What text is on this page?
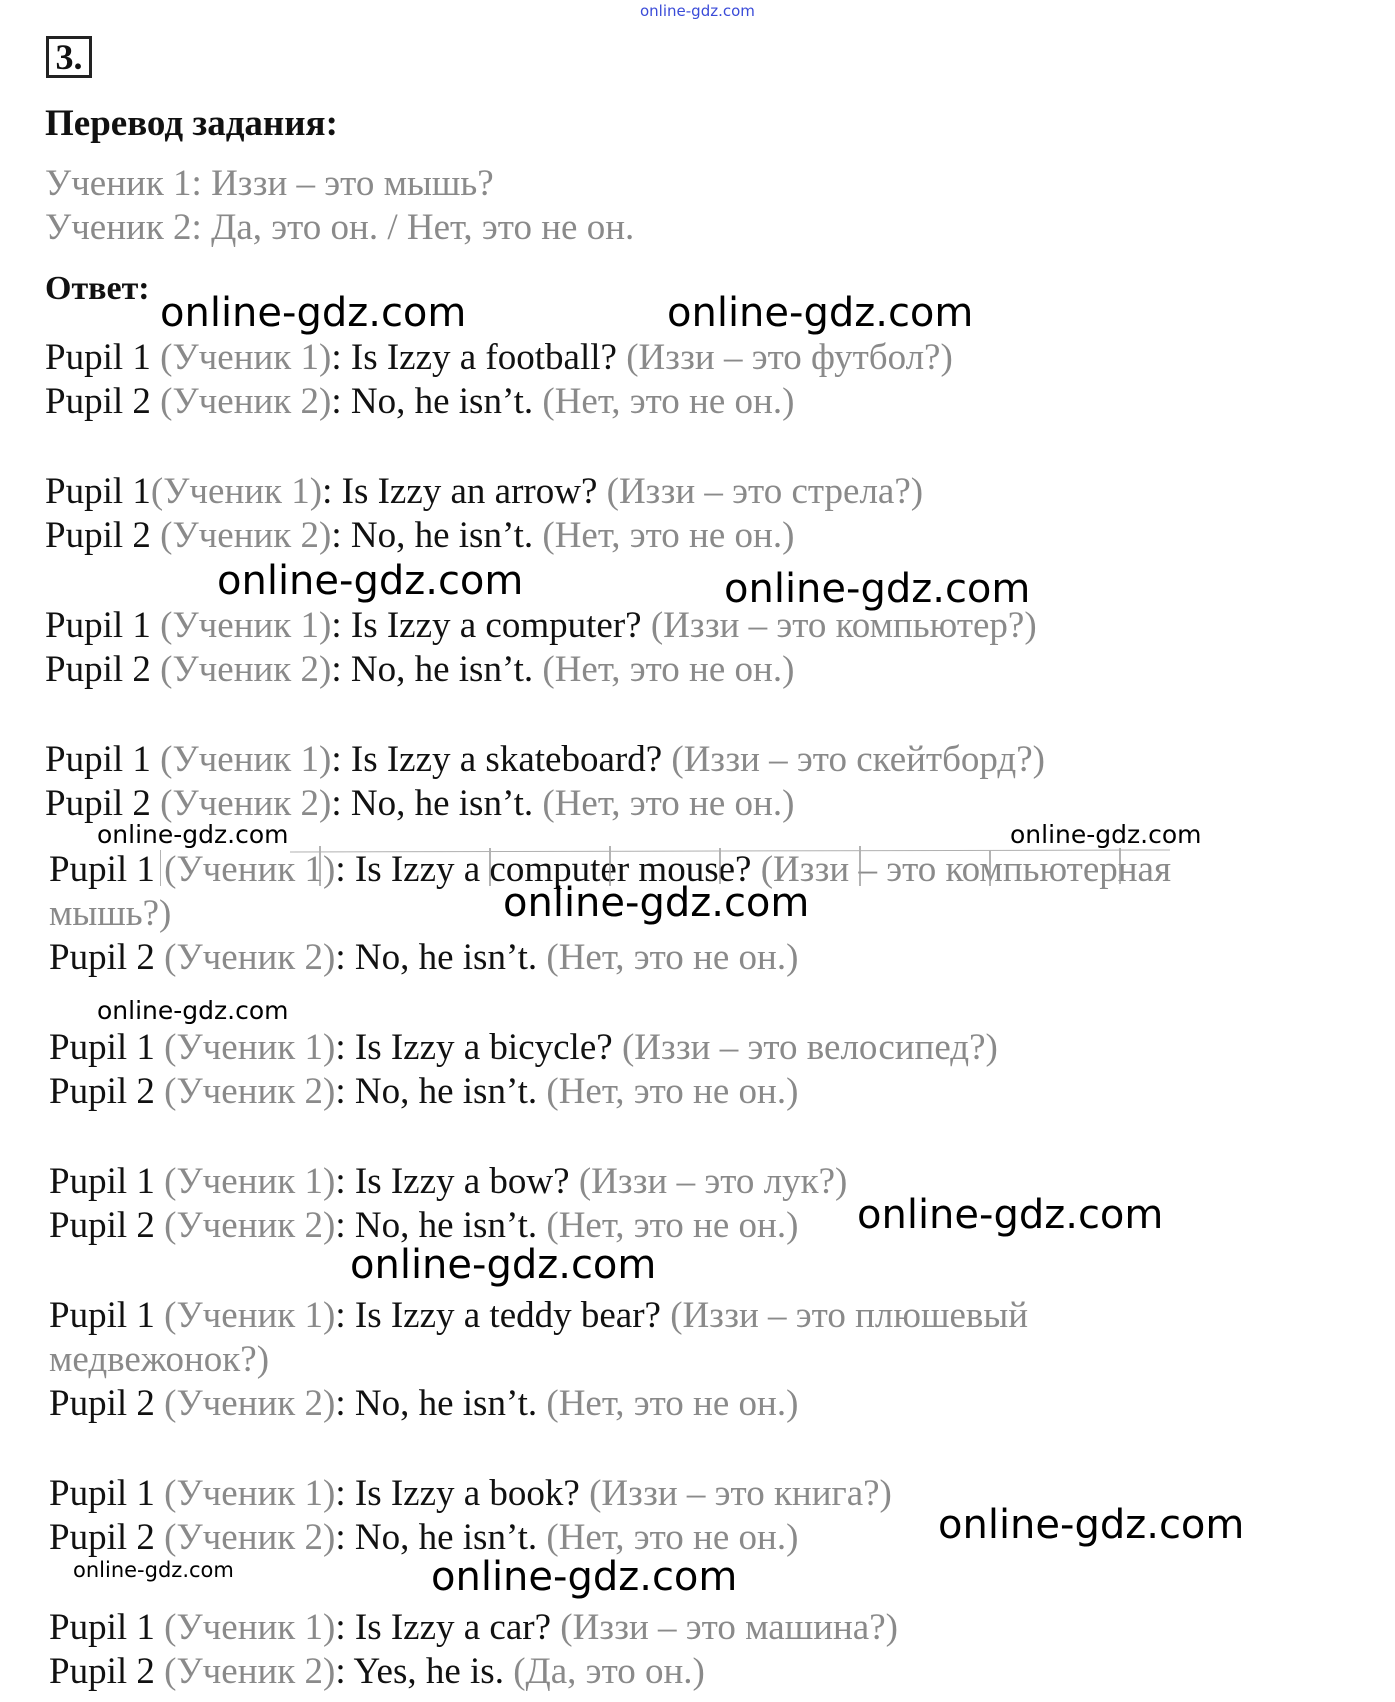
online-gdz.com
3.
Перевод задания:
Ученик 1: Иззи – это мышь?
Ученик 2: Да, это он. / Нет, это не он.
Ответ:
Pupil 1 (Ученик 1): Is Izzy a football? (Иззи – это футбол?)
Pupil 2 (Ученик 2): No, he isn’t. (Нет, это не он.)
Pupil 1(Ученик 1): Is Izzy an arrow? (Иззи – это стрела?)
Pupil 2 (Ученик 2): No, he isn’t. (Нет, это не он.)
Pupil 1 (Ученик 1): Is Izzy a computer? (Иззи – это компьютер?)
Pupil 2 (Ученик 2): No, he isn’t. (Нет, это не он.)
Pupil 1 (Ученик 1): Is Izzy a skateboard? (Иззи – это скейтборд?)
Pupil 2 (Ученик 2): No, he isn’t. (Нет, это не он.)
Pupil 1 (Ученик 1): Is Izzy a computer mouse? (Иззи – это компьютерная
мышь?)
Pupil 2 (Ученик 2): No, he isn’t. (Нет, это не он.)
Pupil 1 (Ученик 1): Is Izzy a bicycle? (Иззи – это велосипед?)
Pupil 2 (Ученик 2): No, he isn’t. (Нет, это не он.)
Pupil 1 (Ученик 1): Is Izzy a bow? (Иззи – это лук?)
Pupil 2 (Ученик 2): No, he isn’t. (Нет, это не он.)
Pupil 1 (Ученик 1): Is Izzy a teddy bear? (Иззи – это плюшевый
медвежонок?)
Pupil 2 (Ученик 2): No, he isn’t. (Нет, это не он.)
Pupil 1 (Ученик 1): Is Izzy a book? (Иззи – это книга?)
Pupil 2 (Ученик 2): No, he isn’t. (Нет, это не он.)
Pupil 1 (Ученик 1): Is Izzy a car? (Иззи – это машина?)
Pupil 2 (Ученик 2): Yes, he is. (Да, это он.)
online-gdz.com	online-gdz.com
online-gdz.com	online-gdz.com
online-gdz.com	online-gdz.com
online-gdz.com
online-gdz.com
online-gdz.com
online-gdz.com
online-gdz.com
online-gdz.com	online-gdz.com
